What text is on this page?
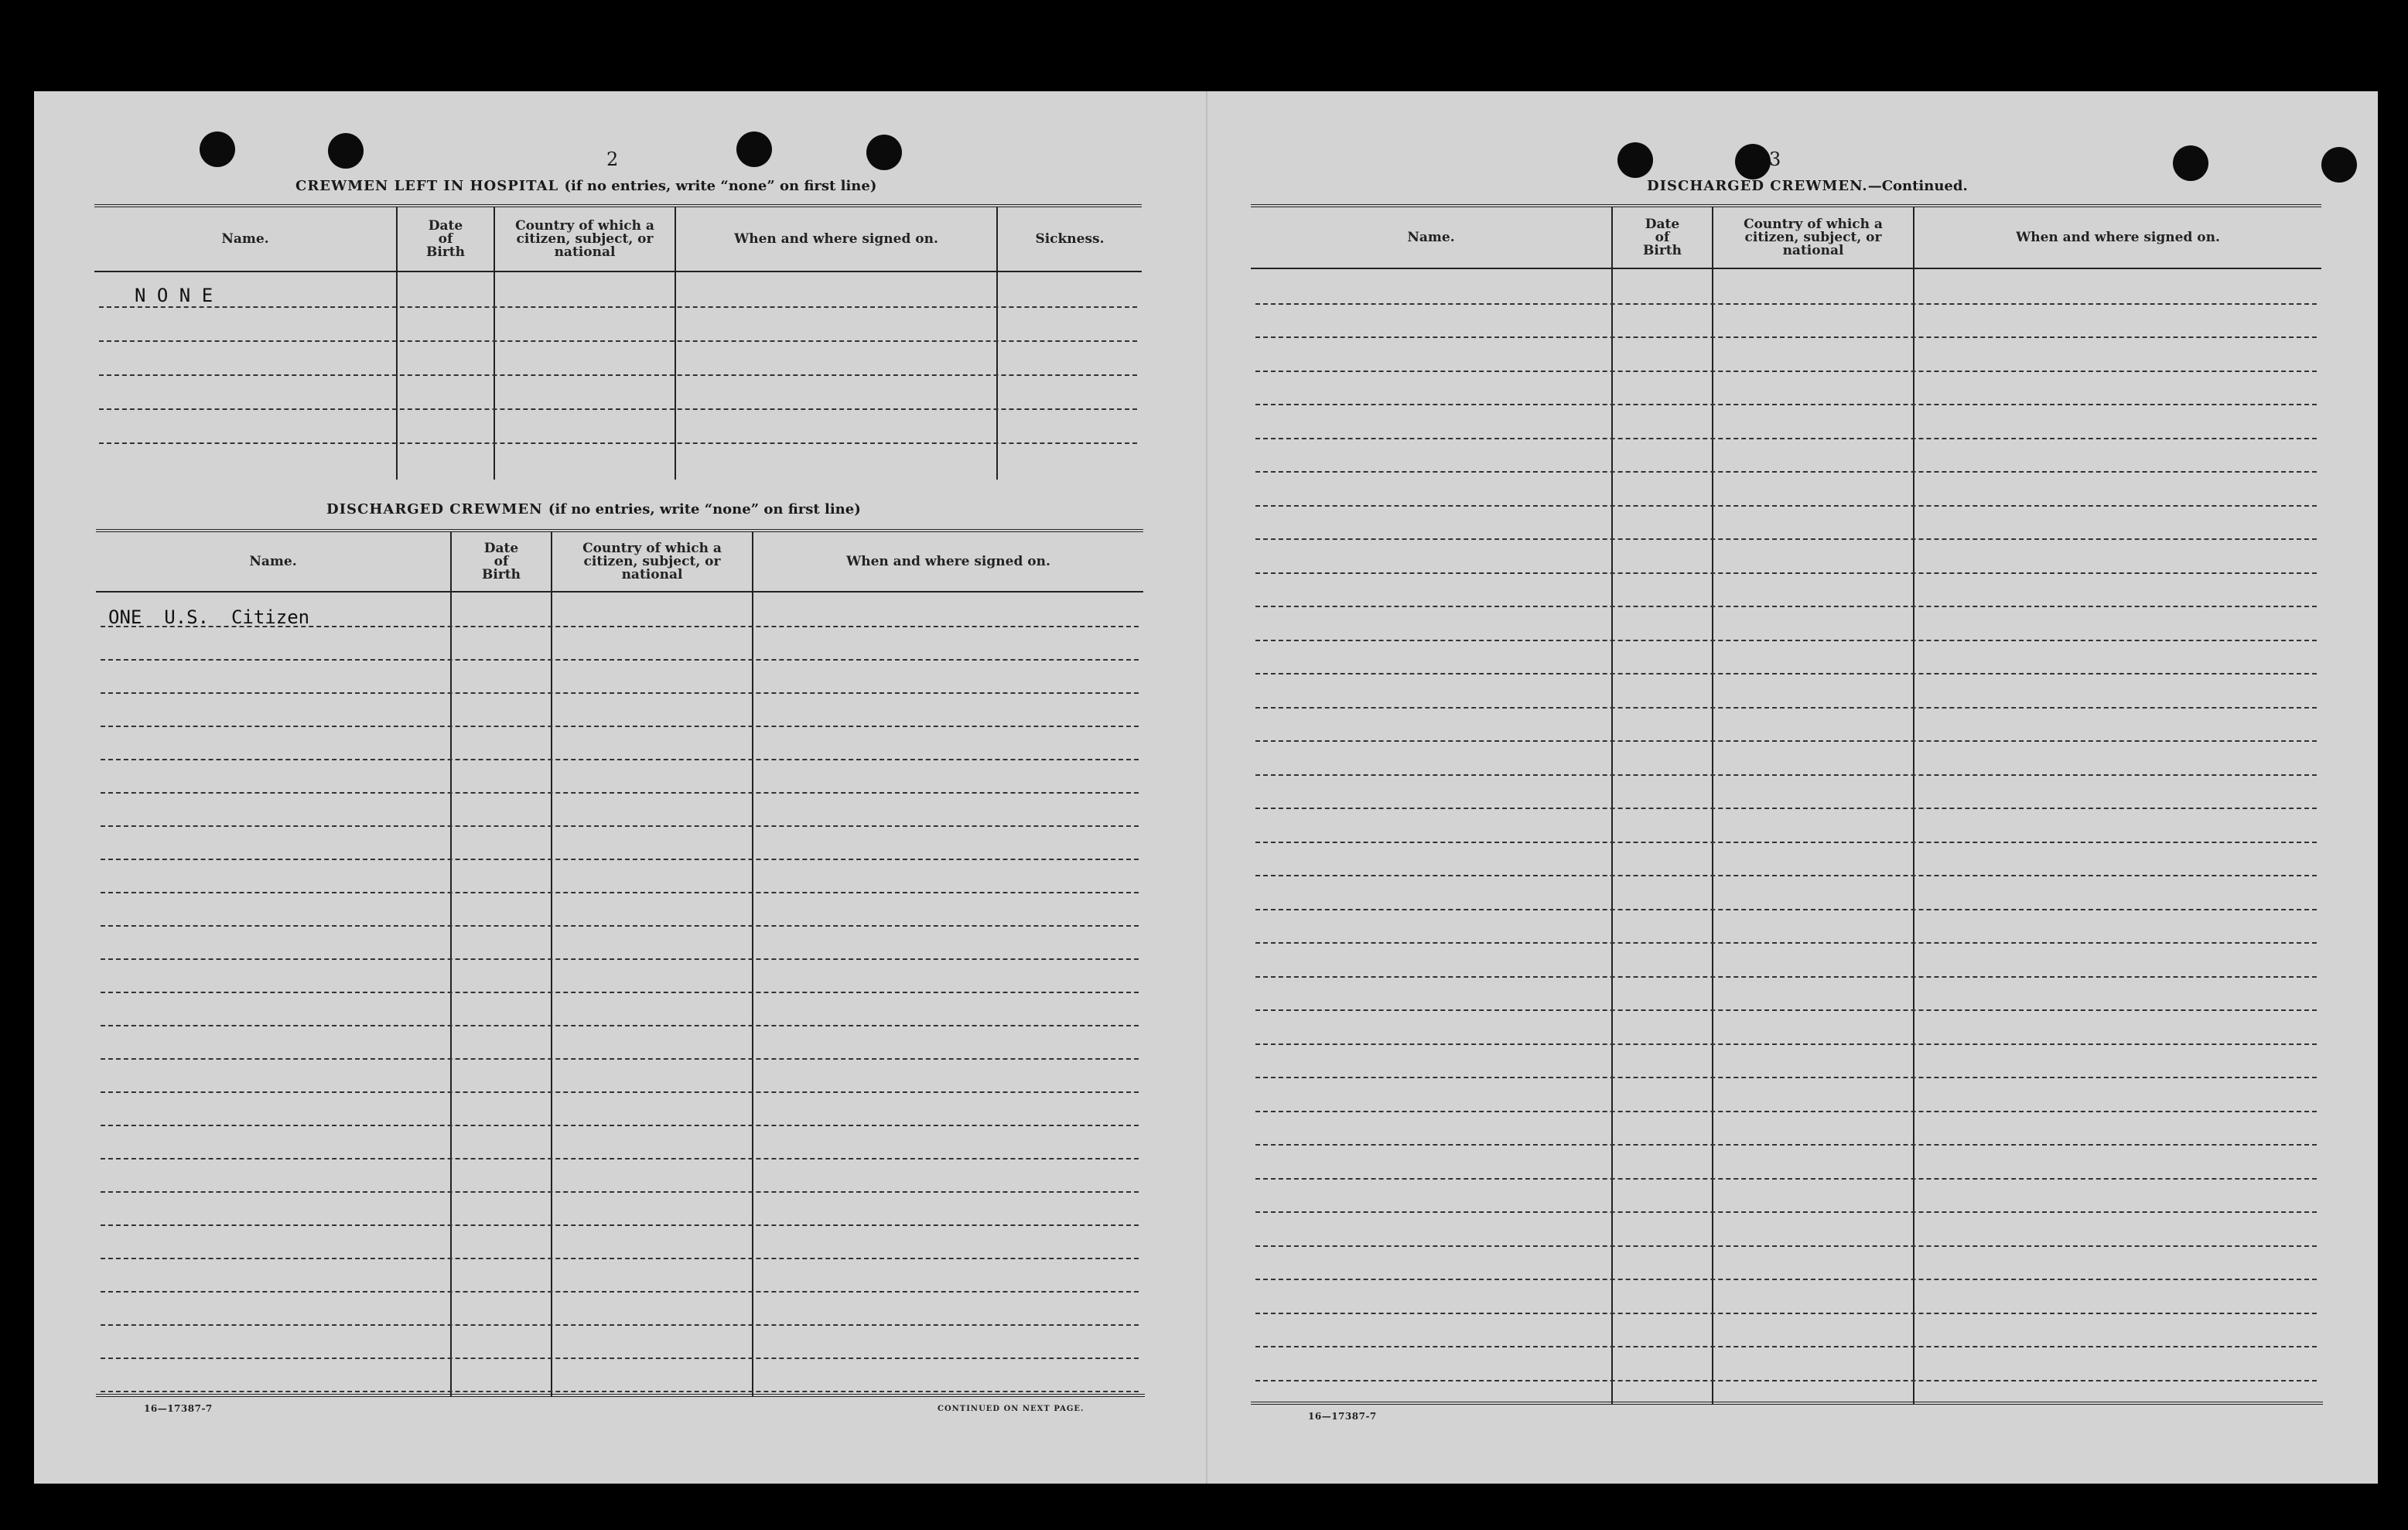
2
CREWMEN LEFT IN HOSPITAL (if no entries, write “none” on first line)
Name.
Date
of
Birth
Country of which a
citizen, subject, or
national
When and where signed on.	Sickness.
N O N E
DISCHARGED CREWMEN (if no entries, write “none” on first line)
Name.
Date
of
Birth
Country of which a
citizen, subject, or
national
When and where signed on.
ONE  U.S.  Citizen
16—17387-7	CONTINUED ON NEXT PAGE.
3
DISCHARGED CREWMEN.—Continued.
Name.
Date
of
Birth
Country of which a
citizen, subject, or
national
When and where signed on.
16—17387-7
